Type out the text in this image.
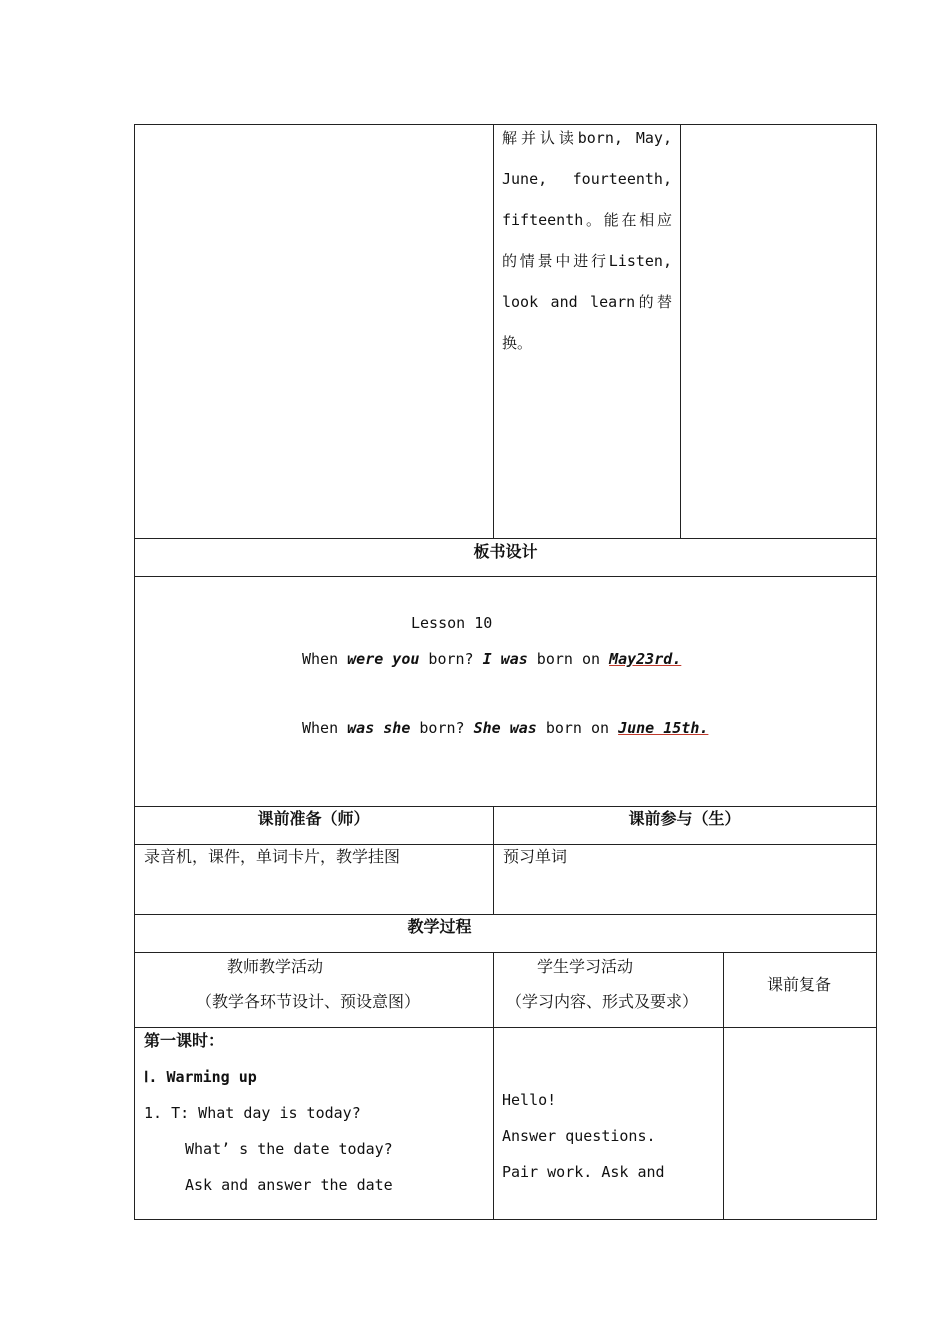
解并认读born, May, June, fourteenth, fifteenth。能在相应的情景中进行Listen, look and learn的替换。
板书设计
Lesson 10
When were you born? I was born on May23rd.
When was she born? She was born on June 15th.
课前准备（师）	课前参与（生）
录音机，课件，单词卡片，教学挂图	预习单词
教学过程
教师教学活动
（教学各环节设计、预设意图）
学生学习活动
（学习内容、形式及要求）
课前复备
第一课时：
Ⅰ. Warming up
1. T: What day is today?
What’ s the date today?
Ask and answer the date
Hello!
Answer questions.
Pair work. Ask and
